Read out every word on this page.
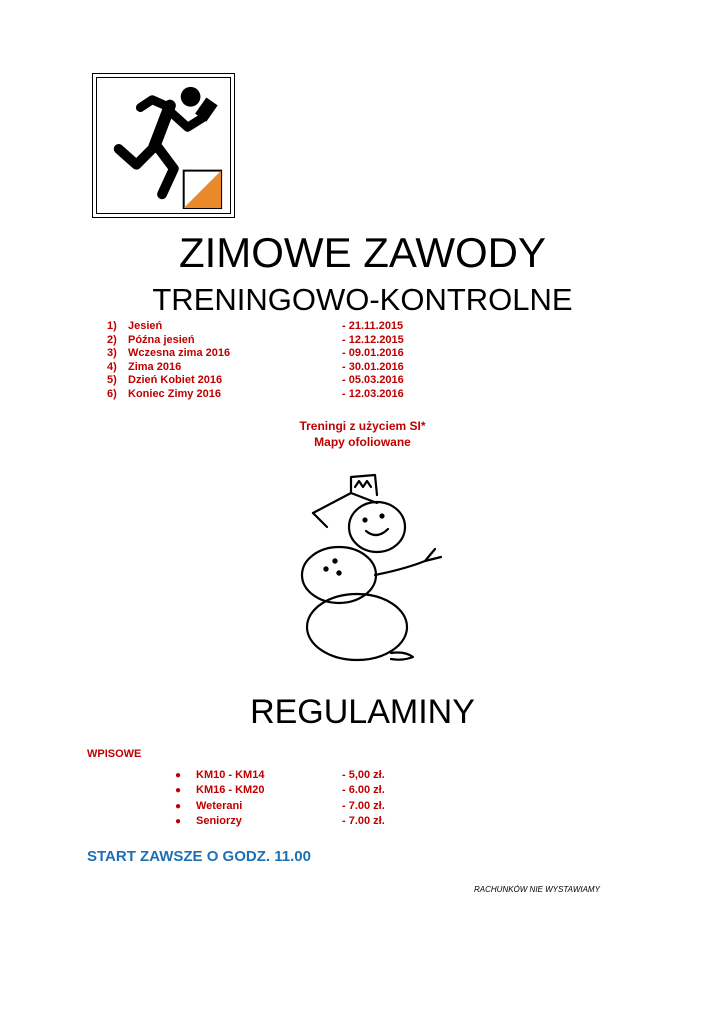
ZIMOWE ZAWODY
TRENINGOWO-KONTROLNE
1) Jesień	- 21.11.2015
2) Późna jesień	- 12.12.2015
3) Wczesna zima 2016	- 09.01.2016
4) Zima 2016	- 30.01.2016
5) Dzień Kobiet 2016	- 05.03.2016
6) Koniec Zimy 2016	- 12.03.2016
Treningi z użyciem SI*
Mapy ofoliowane
REGULAMINY
WPISOWE
● KM10 - KM14	- 5,00 zł.
● KM16 - KM20	- 6.00 zł.
● Weterani	- 7.00 zł.
● Seniorzy	- 7.00 zł.
START ZAWSZE O GODZ. 11.00
RACHUNKÓW NIE WYSTAWIAMY
